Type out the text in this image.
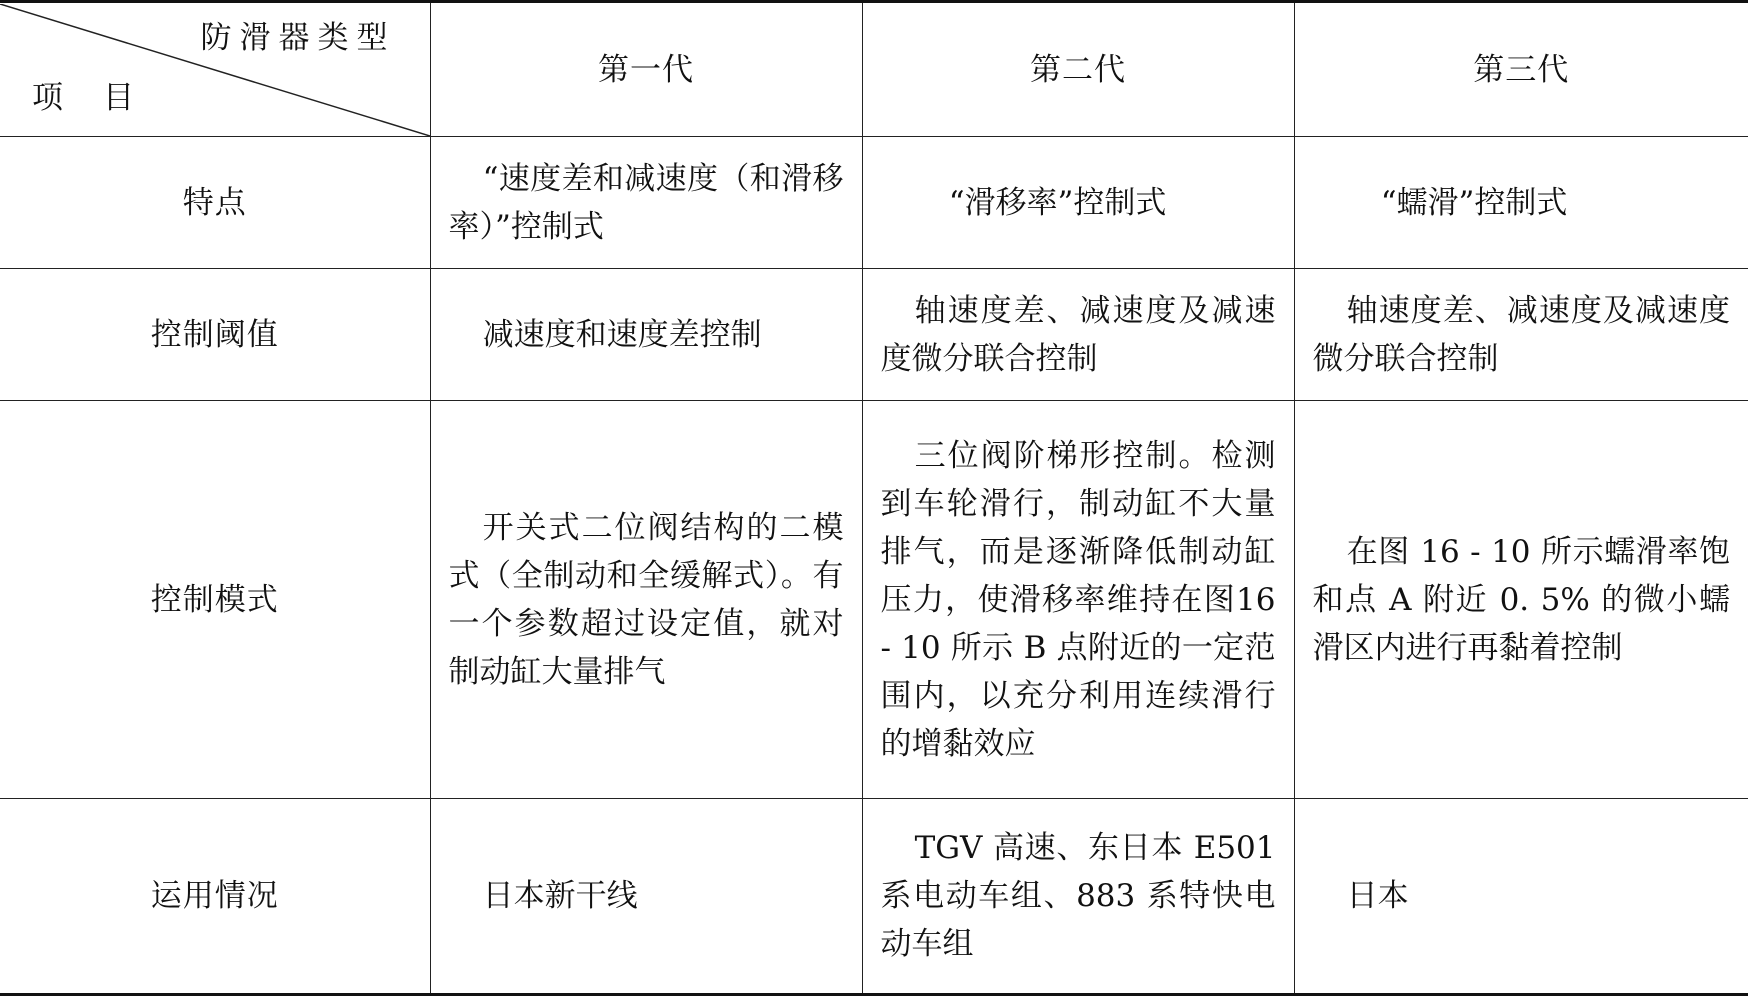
防滑器类型
项 目	第一代	第二代	第三代
特点	“速度差和减速度（和滑移率）”控制式	“滑移率”控制式	“蠕滑”控制式

控制阈值	减速度和速度差控制	轴速度差、减速度及减速度微分联合控制	轴速度差、减速度及减速度微分联合控制

控制模式	开关式二位阀结构的二模式（全制动和全缓解式）。有一个参数超过设定值，就对制动缸大量排气	三位阀阶梯形控制。检测到车轮滑行，制动缸不大量排气，而是逐渐降低制动缸压力，使滑移率维持在图16 - 10 所示 B 点附近的一定范围内，以充分利用连续滑行的增黏效应	在图 16 - 10 所示蠕滑率饱和点 A 附近 0. 5% 的微小蠕滑区内进行再黏着控制

运用情况	日本新干线	TGV 高速、东日本 E501 系电动车组、883 系特快电动车组	日本
